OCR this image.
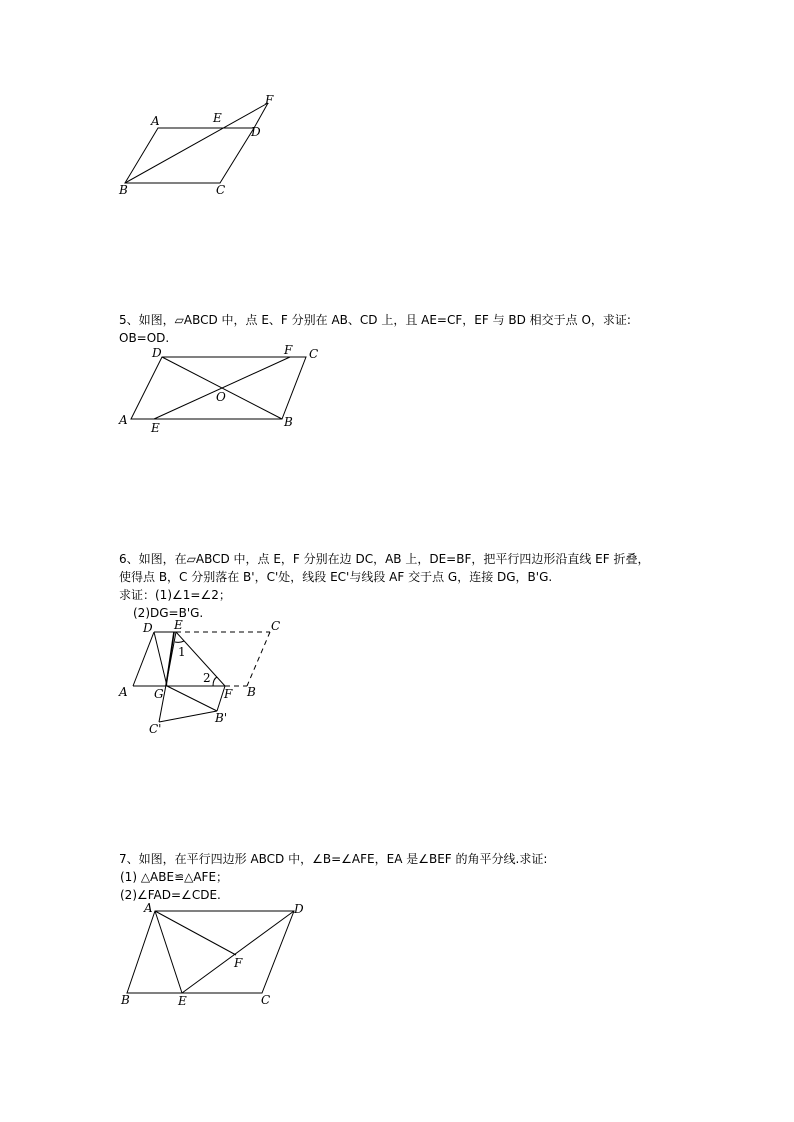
A	E
F
D
B	C
5、如图，▱ABCD 中，点 E、F 分别在 AB、CD 上，且 AE=CF，EF 与 BD 相交于点 O，求证:
OB=OD.
D	F C
O
A
E	B
6、如图，在▱ABCD 中，点 E，F 分别在边 DC，AB 上，DE=BF，把平行四边形沿直线 EF 折叠，
使得点 B，C 分别落在 B'，C'处，线段 EC'与线段 AF 交于点 G，连接 DG，B'G.
求证：(1)∠1=∠2；
(2)DG=B'G.
D E	C
1
2
A G	F B
B'
C'
7、如图，在平行四边形 ABCD 中，∠B=∠AFE，EA 是∠BEF 的角平分线.求证:
(1) △ABE≌△AFE；
(2)∠FAD=∠CDE.
A	D
F
B	E	C
